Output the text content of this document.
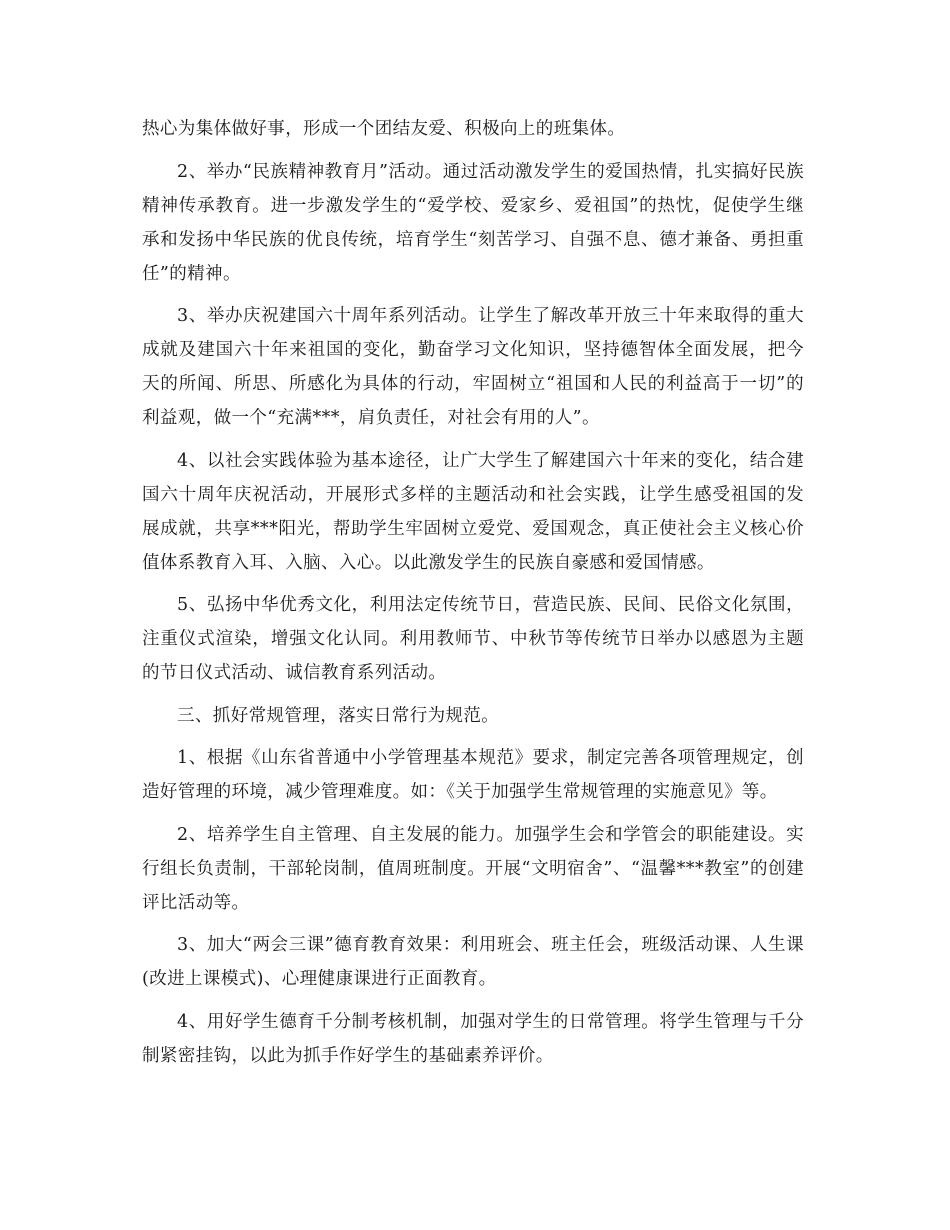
热心为集体做好事，形成一个团结友爱、积极向上的班集体。

2、举办“民族精神教育月”活动。通过活动激发学生的爱国热情，扎实搞好民族精神传承教育。进一步激发学生的“爱学校、爱家乡、爱祖国”的热忱，促使学生继承和发扬中华民族的优良传统，培育学生“刻苦学习、自强不息、德才兼备、勇担重任”的精神。

3、举办庆祝建国六十周年系列活动。让学生了解改革开放三十年来取得的重大成就及建国六十年来祖国的变化，勤奋学习文化知识，坚持德智体全面发展，把今天的所闻、所思、所感化为具体的行动，牢固树立“祖国和人民的利益高于一切”的利益观，做一个“充满***，肩负责任，对社会有用的人”。

4、以社会实践体验为基本途径，让广大学生了解建国六十年来的变化，结合建国六十周年庆祝活动，开展形式多样的主题活动和社会实践，让学生感受祖国的发展成就，共享***阳光，帮助学生牢固树立爱党、爱国观念，真正使社会主义核心价值体系教育入耳、入脑、入心。以此激发学生的民族自豪感和爱国情感。

5、弘扬中华优秀文化，利用法定传统节日，营造民族、民间、民俗文化氛围，注重仪式渲染，增强文化认同。利用教师节、中秋节等传统节日举办以感恩为主题的节日仪式活动、诚信教育系列活动。

三、抓好常规管理，落实日常行为规范。

1、根据《山东省普通中小学管理基本规范》要求，制定完善各项管理规定，创造好管理的环境，减少管理难度。如：《关于加强学生常规管理的实施意见》等。

2、培养学生自主管理、自主发展的能力。加强学生会和学管会的职能建设。实行组长负责制，干部轮岗制，值周班制度。开展“文明宿舍”、“温馨***教室”的创建评比活动等。

3、加大“两会三课”德育教育效果：利用班会、班主任会，班级活动课、人生课(改进上课模式)、心理健康课进行正面教育。

4、用好学生德育千分制考核机制，加强对学生的日常管理。将学生管理与千分制紧密挂钩，以此为抓手作好学生的基础素养评价。
